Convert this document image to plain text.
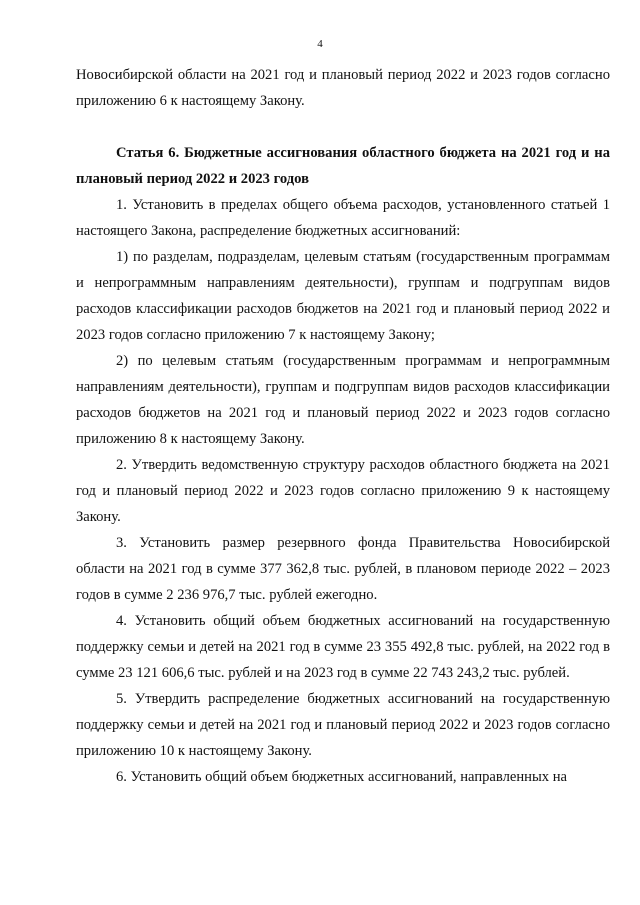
4

Новосибирской области на 2021 год и плановый период 2022 и 2023 годов согласно приложению 6 к настоящему Закону.

Статья 6. Бюджетные ассигнования областного бюджета на 2021 год и на плановый период 2022 и 2023 годов

1. Установить в пределах общего объема расходов, установленного статьей 1 настоящего Закона, распределение бюджетных ассигнований:

1) по разделам, подразделам, целевым статьям (государственным программам и непрограммным направлениям деятельности), группам и подгруппам видов расходов классификации расходов бюджетов на 2021 год и плановый период 2022 и 2023 годов согласно приложению 7 к настоящему Закону;

2) по целевым статьям (государственным программам и непрограммным направлениям деятельности), группам и подгруппам видов расходов классификации расходов бюджетов на 2021 год и плановый период 2022 и 2023 годов согласно приложению 8 к настоящему Закону.

2. Утвердить ведомственную структуру расходов областного бюджета на 2021 год и плановый период 2022 и 2023 годов согласно приложению 9 к настоящему Закону.

3. Установить размер резервного фонда Правительства Новосибирской области на 2021 год в сумме 377 362,8 тыс. рублей, в плановом периоде 2022 – 2023 годов в сумме 2 236 976,7 тыс. рублей ежегодно.

4. Установить общий объем бюджетных ассигнований на государственную поддержку семьи и детей на 2021 год в сумме 23 355 492,8 тыс. рублей, на 2022 год в сумме 23 121 606,6 тыс. рублей и на 2023 год в сумме 22 743 243,2 тыс. рублей.

5. Утвердить распределение бюджетных ассигнований на государственную поддержку семьи и детей на 2021 год и плановый период 2022 и 2023 годов согласно приложению 10 к настоящему Закону.

6. Установить общий объем бюджетных ассигнований, направленных на
